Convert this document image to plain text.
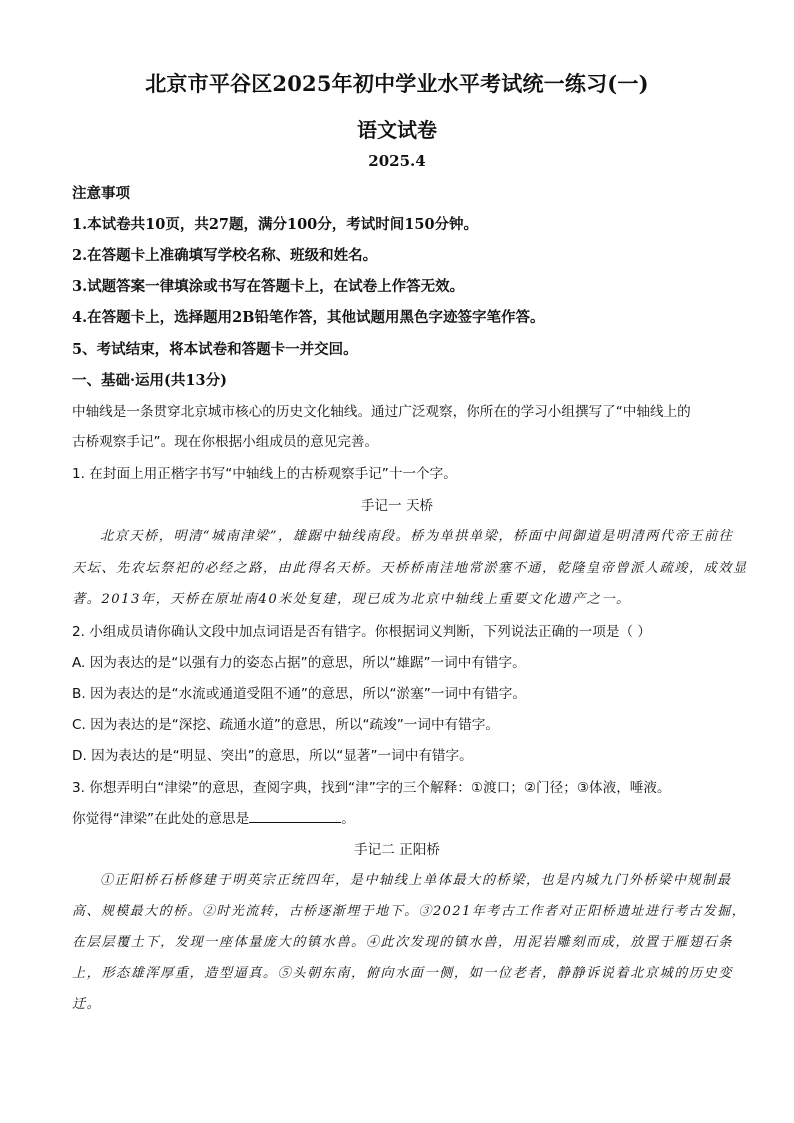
北京市平谷区2025年初中学业水平考试统一练习(一)
语文试卷
2025.4
注意事项
1.本试卷共10页，共27题，满分100分，考试时间150分钟。
2.在答题卡上准确填写学校名称、班级和姓名。
3.试题答案一律填涂或书写在答题卡上，在试卷上作答无效。
4.在答题卡上，选择题用2B铅笔作答，其他试题用黑色字迹签字笔作答。
5、考试结束，将本试卷和答题卡一并交回。
一、基础·运用(共13分)
中轴线是一条贯穿北京城市核心的历史文化轴线。通过广泛观察，你所在的学习小组撰写了“中轴线上的
古桥观察手记”。现在你根据小组成员的意见完善。
1. 在封面上用正楷字书写“中轴线上的古桥观察手记”十一个字。
手记一 天桥
北京天桥，明清“城南津梁”，雄踞中轴线南段。桥为单拱单梁，桥面中间御道是明清两代帝王前往
天坛、先农坛祭祀的必经之路，由此得名天桥。天桥桥南洼地常淤塞不通，乾隆皇帝曾派人疏竣，成效显
著。2013年，天桥在原址南40米处复建，现已成为北京中轴线上重要文化遗产之一。
2. 小组成员请你确认文段中加点词语是否有错字。你根据词义判断，下列说法正确的一项是（ ）
A. 因为表达的是“以强有力的姿态占据”的意思，所以“雄踞”一词中有错字。
B. 因为表达的是“水流或通道受阻不通”的意思，所以“淤塞”一词中有错字。
C. 因为表达的是“深挖、疏通水道”的意思，所以“疏竣”一词中有错字。
D. 因为表达的是“明显、突出”的意思，所以“显著”一词中有错字。
3. 你想弄明白“津梁”的意思，查阅字典，找到“津”字的三个解释：①渡口；②门径；③体液，唾液。
你觉得“津梁”在此处的意思是	。
手记二 正阳桥
①正阳桥石桥修建于明英宗正统四年，是中轴线上单体最大的桥梁，也是内城九门外桥梁中规制最
高、规模最大的桥。②时光流转，古桥逐渐埋于地下。③2021年考古工作者对正阳桥遗址进行考古发掘，
在层层覆土下，发现一座体量庞大的镇水兽。④此次发现的镇水兽，用泥岩雕刻而成，放置于雁翅石条
上，形态雄浑厚重，造型逼真。⑤头朝东南，俯向水面一侧，如一位老者，静静诉说着北京城的历史变
迁。
